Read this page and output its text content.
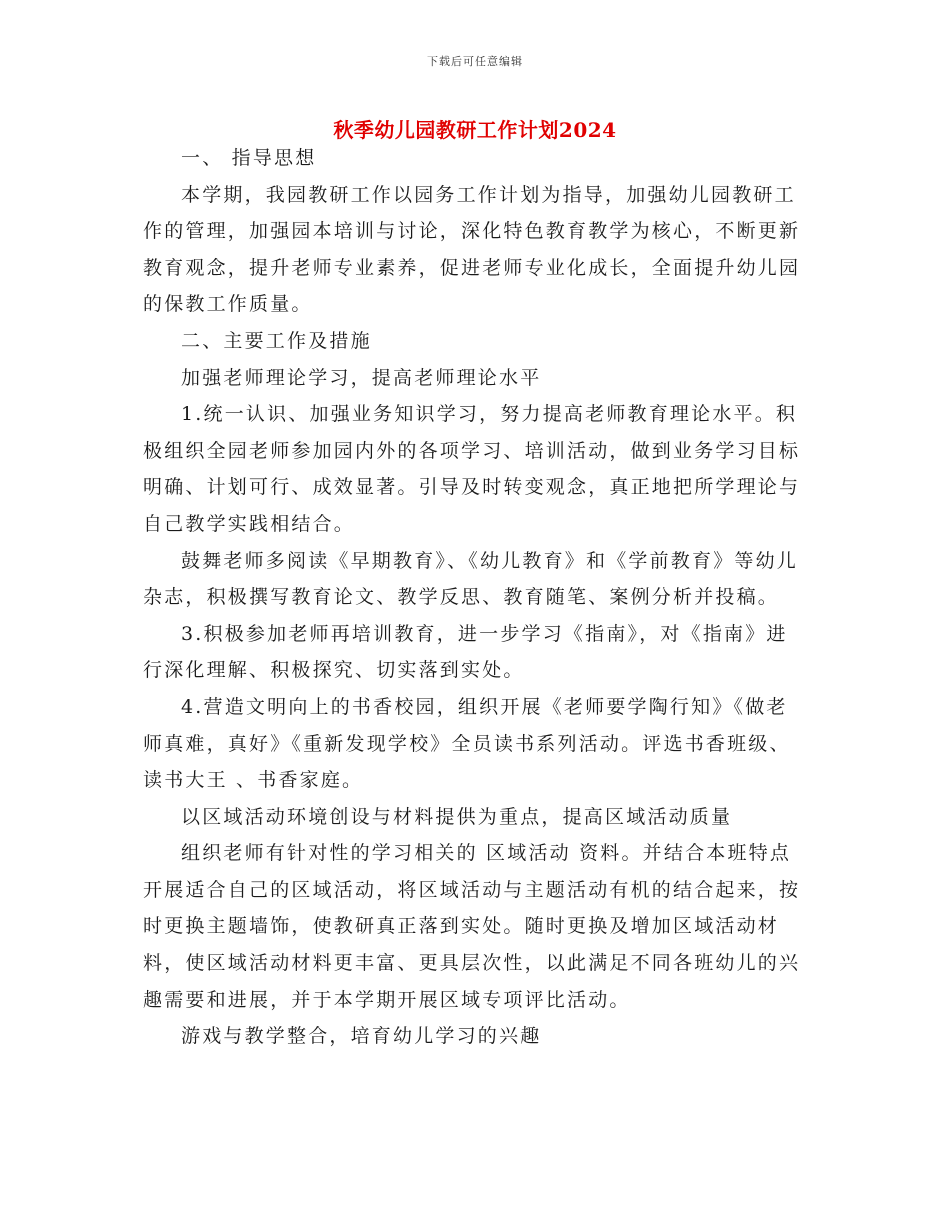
下载后可任意编辑
秋季幼儿园教研工作计划2024

一、 指导思想

本学期，我园教研工作以园务工作计划为指导，加强幼儿园教研工作的管理，加强园本培训与讨论，深化特色教育教学为核心，不断更新教育观念，提升老师专业素养，促进老师专业化成长，全面提升幼儿园的保教工作质量。

二、主要工作及措施

加强老师理论学习，提高老师理论水平

1.统一认识、加强业务知识学习，努力提高老师教育理论水平。积极组织全园老师参加园内外的各项学习、培训活动，做到业务学习目标明确、计划可行、成效显著。引导及时转变观念，真正地把所学理论与自己教学实践相结合。

鼓舞老师多阅读《早期教育》、《幼儿教育》和《学前教育》等幼儿杂志，积极撰写教育论文、教学反思、教育随笔、案例分析并投稿。

3.积极参加老师再培训教育，进一步学习《指南》，对《指南》进行深化理解、积极探究、切实落到实处。

4.营造文明向上的书香校园，组织开展《老师要学陶行知》《做老师真难，真好》《重新发现学校》全员读书系列活动。评选书香班级、 读书大王 、书香家庭。

以区域活动环境创设与材料提供为重点，提高区域活动质量

组织老师有针对性的学习相关的 区域活动 资料。并结合本班特点开展适合自己的区域活动，将区域活动与主题活动有机的结合起来，按时更换主题墙饰，使教研真正落到实处。随时更换及增加区域活动材料，使区域活动材料更丰富、更具层次性，以此满足不同各班幼儿的兴趣需要和进展，并于本学期开展区域专项评比活动。

游戏与教学整合，培育幼儿学习的兴趣
